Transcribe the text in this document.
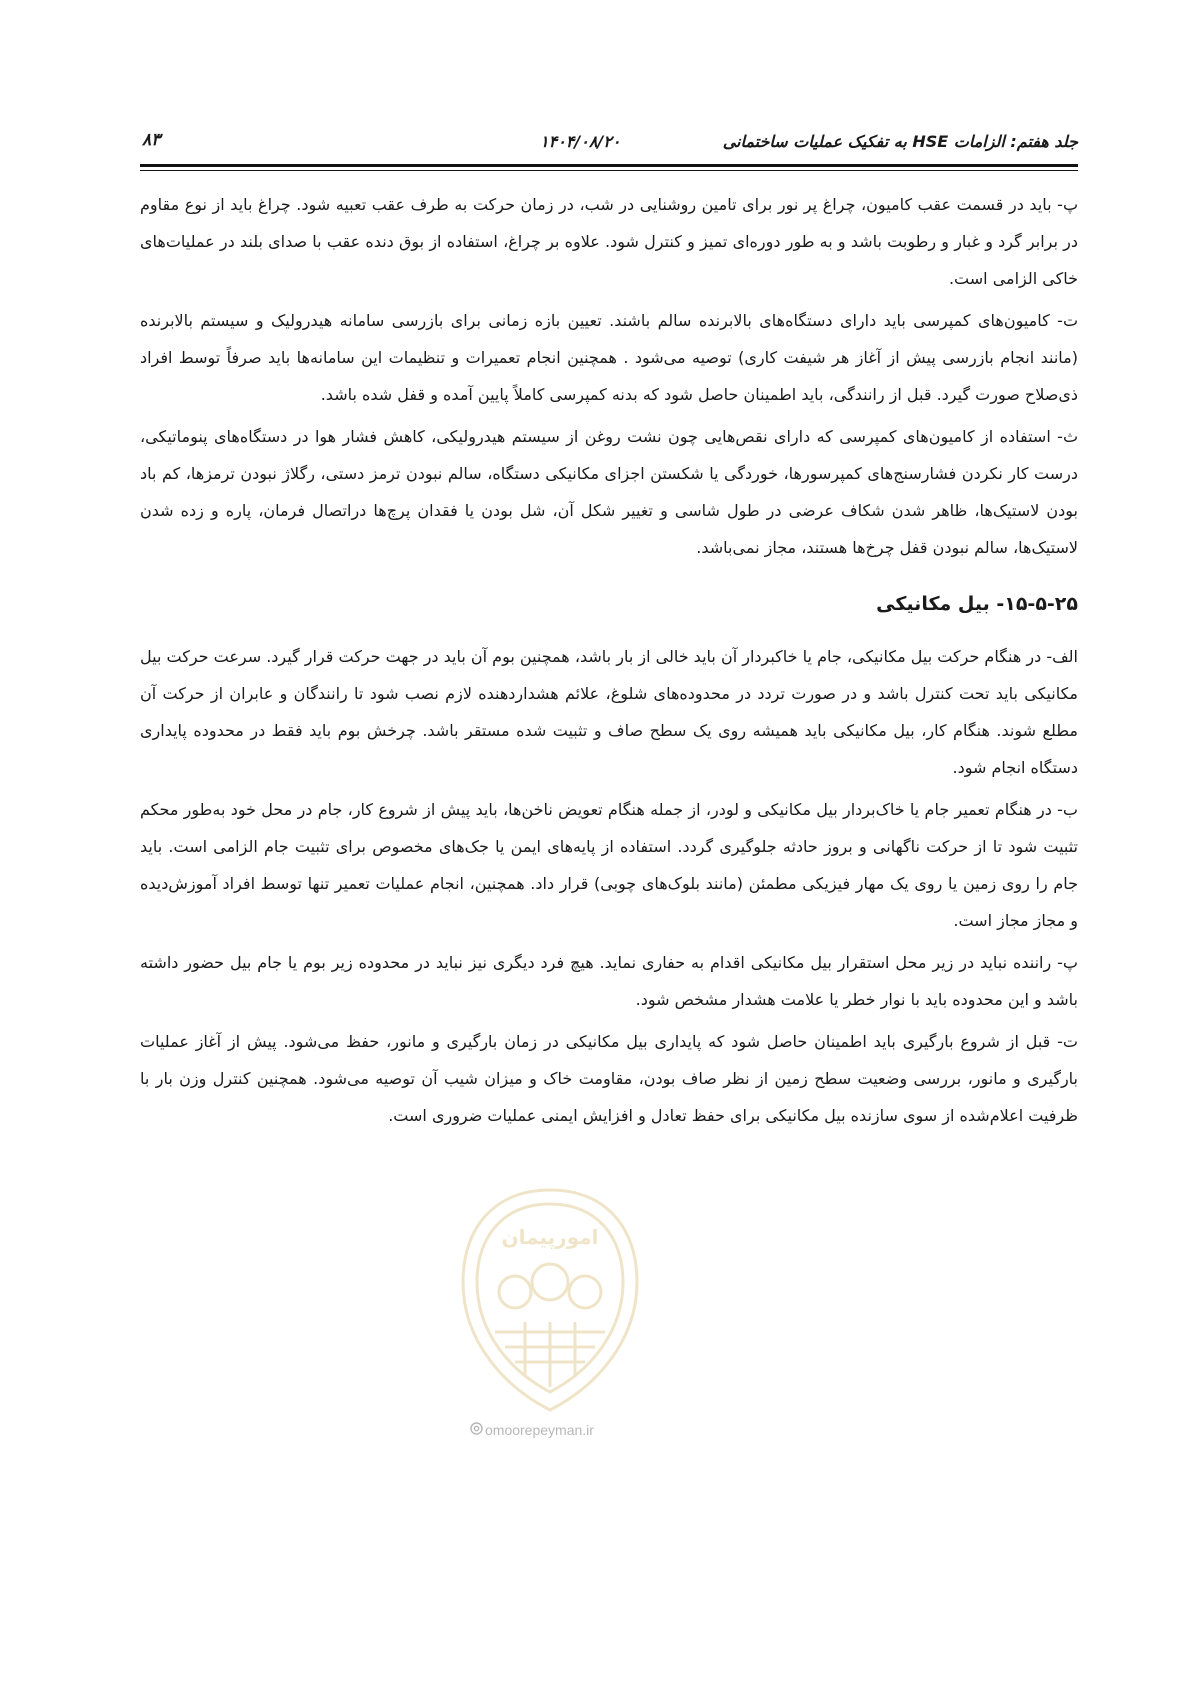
جلد هفتم: الزامات HSE به تفکیک عملیات ساختمانی
۱۴۰۴/۰۸/۲۰
۸۳

پ- باید در قسمت عقب کامیون، چراغ پر نور برای تامین روشنایی در شب، در زمان حرکت به طرف عقب تعبیه شود. چراغ باید از نوع مقاوم در برابر گرد و غبار و رطوبت باشد و به طور دوره‌ای تمیز و کنترل شود. علاوه بر چراغ، استفاده از بوق دنده عقب با صدای بلند در عملیات‌های خاکی الزامی است.

ت- کامیون‌های کمپرسی باید دارای دستگاه‌های بالابرنده سالم باشند. تعیین بازه زمانی برای بازرسی سامانه هیدرولیک و سیستم بالابرنده (مانند انجام بازرسی پیش از آغاز هر شیفت کاری) توصیه می‌شود . همچنین انجام تعمیرات و تنظیمات این سامانه‌ها باید صرفاً توسط افراد ذی‌صلاح صورت گیرد. قبل از رانندگی، باید اطمینان حاصل شود که بدنه کمپرسی کاملاً پایین آمده و قفل شده باشد.

ث- استفاده از کامیون‌های کمپرسی که دارای نقص‌هایی چون نشت روغن از سیستم هیدرولیکی، کاهش فشار هوا در دستگاه‌های پنوماتیکی، درست کار نکردن فشارسنج‌های کمپرسورها، خوردگی یا شکستن اجزای مکانیکی دستگاه، سالم نبودن ترمز دستی، رگلاژ نبودن ترمزها، کم باد بودن لاستیک‌ها، ظاهر شدن شکاف عرضی در طول شاسی و تغییر شکل آن، شل بودن یا فقدان پرچ‌ها دراتصال فرمان، پاره و زده شدن لاستیک‌ها، سالم نبودن قفل چرخ‌ها هستند، مجاز نمی‌باشد.

۱۵-۵-۲۵- بیل مکانیکی

الف- در هنگام حرکت بیل مکانیکی، جام یا خاکبردار آن باید خالی از بار باشد، همچنین بوم آن باید در جهت حرکت قرار گیرد. سرعت حرکت بیل مکانیکی باید تحت کنترل باشد و در صورت تردد در محدوده‌های شلوغ، علائم هشداردهنده لازم نصب شود تا رانندگان و عابران از حرکت آن مطلع شوند. هنگام کار، بیل مکانیکی باید همیشه روی یک سطح صاف و تثبیت شده مستقر باشد. چرخش بوم باید فقط در محدوده پایداری دستگاه انجام شود.

ب- در هنگام تعمیر جام یا خاک‌بردار بیل مکانیکی و لودر، از جمله هنگام تعویض ناخن‌ها، باید پیش از شروع کار، جام در محل خود به‌طور محکم تثبیت شود تا از حرکت ناگهانی و بروز حادثه جلوگیری گردد. استفاده از پایه‌های ایمن یا جک‌های مخصوص برای تثبیت جام الزامی است. باید جام را روی زمین یا روی یک مهار فیزیکی مطمئن (مانند بلوک‌های چوبی) قرار داد. همچنین، انجام عملیات تعمیر تنها توسط افراد آموزش‌دیده و مجاز مجاز است.

پ- راننده نباید در زیر محل استقرار بیل مکانیکی اقدام به حفاری نماید. هیچ فرد دیگری نیز نباید در محدوده زیر بوم یا جام بیل حضور داشته باشد و این محدوده باید با نوار خطر یا علامت هشدار مشخص شود.

ت- قبل از شروع بارگیری باید اطمینان حاصل شود که پایداری بیل مکانیکی در زمان بارگیری و مانور، حفظ می‌شود. پیش از آغاز عملیات بارگیری و مانور، بررسی وضعیت سطح زمین از نظر صاف بودن، مقاومت خاک و میزان شیب آن توصیه می‌شود. همچنین کنترل وزن بار با ظرفیت اعلام‌شده از سوی سازنده بیل مکانیکی برای حفظ تعادل و افزایش ایمنی عملیات ضروری است.

امورپیمان
omoorepeyman.ir
